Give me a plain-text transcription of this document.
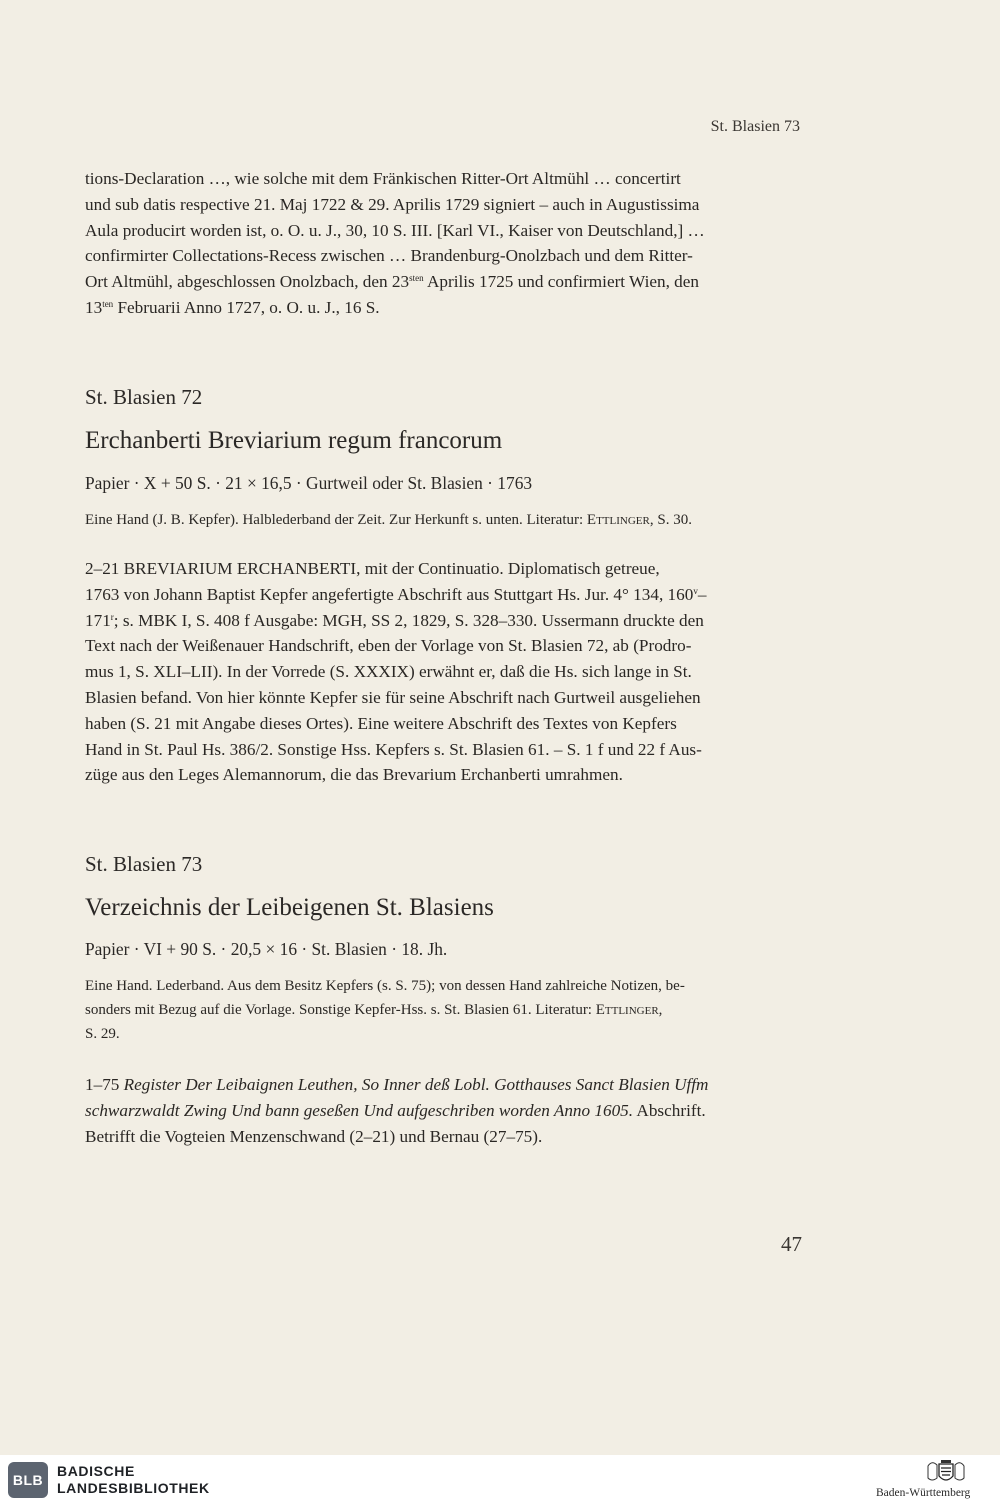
St. Blasien 73

tions-Declaration …, wie solche mit dem Fränkischen Ritter-Ort Altmühl … concertirt

und sub datis respective 21. Maj 1722 & 29. Aprilis 1729 signiert – auch in Augustissima

Aula producirt worden ist, o. O. u. J., 30, 10 S. III. [Karl VI., Kaiser von Deutschland,] …

confirmirter Collectations-Recess zwischen … Brandenburg-Onolzbach und dem Ritter-

Ort Altmühl, abgeschlossen Onolzbach, den $23^{sten}$ Aprilis 1725 und confirmiert Wien, den

$13^{ten}$ Februarii Anno 1727, o. O. u. J., 16 S.

St. Blasien 72
Erchanberti Breviarium regum francorum
Papier · X + 50 S. · 21 × 16,5 · Gurtweil oder St. Blasien · 1763

Eine Hand (J. B. Kepfer). Halblederband der Zeit. Zur Herkunft s. unten. Literatur: Ettlinger, S. 30.

2–21 BREVIARIUM ERCHANBERTI, mit der Continuatio. Diplomatisch getreue,

1763 von Johann Baptist Kepfer angefertigte Abschrift aus Stuttgart Hs. Jur. 4° 134, 160$^v$–

171$^r$; s. MBK I, S. 408 f Ausgabe: MGH, SS 2, 1829, S. 328–330. Ussermann druckte den

Text nach der Weißenauer Handschrift, eben der Vorlage von St. Blasien 72, ab (Prodro-

mus 1, S. XLI–LII). In der Vorrede (S. XXXIX) erwähnt er, daß die Hs. sich lange in St.

Blasien befand. Von hier könnte Kepfer sie für seine Abschrift nach Gurtweil ausgeliehen

haben (S. 21 mit Angabe dieses Ortes). Eine weitere Abschrift des Textes von Kepfers

Hand in St. Paul Hs. 386/2. Sonstige Hss. Kepfers s. St. Blasien 61. – S. 1 f und 22 f Aus-

züge aus den Leges Alemannorum, die das Brevarium Erchanberti umrahmen.

St. Blasien 73
Verzeichnis der Leibeigenen St. Blasiens
Papier · VI + 90 S. · 20,5 × 16 · St. Blasien · 18. Jh.

Eine Hand. Lederband. Aus dem Besitz Kepfers (s. S. 75); von dessen Hand zahlreiche Notizen, be-

sonders mit Bezug auf die Vorlage. Sonstige Kepfer-Hss. s. St. Blasien 61. Literatur: Ettlinger,

S. 29.

1–75 Register Der Leibaignen Leuthen, So Inner deß Lobl. Gotthauses Sanct Blasien Uffm

schwarzwaldt Zwing Und bann geseßen Und aufgeschriben worden Anno 1605. Abschrift.

Betrifft die Vogteien Menzenschwand (2–21) und Bernau (27–75).

47
BLB
BADISCHE
LANDESBIBLIOTHEK	Baden-Württemberg
